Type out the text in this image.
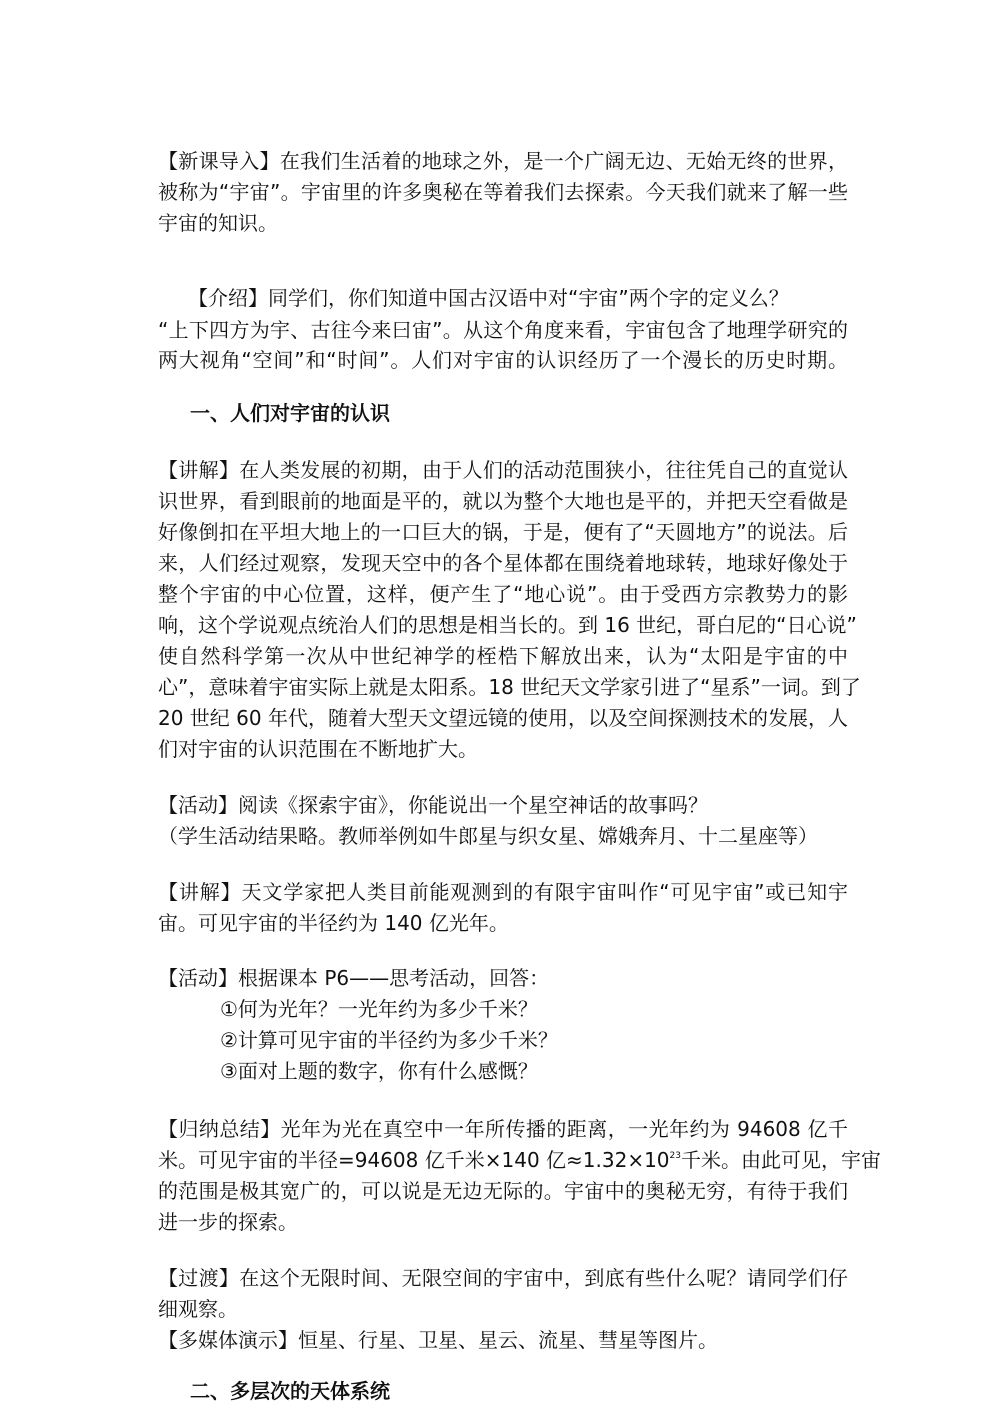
【新课导入】在我们生活着的地球之外，是一个广阔无边、无始无终的世界，
被称为“宇宙”。宇宙里的许多奥秘在等着我们去探索。今天我们就来了解一些
宇宙的知识。
【介绍】同学们，你们知道中国古汉语中对“宇宙”两个字的定义么？
“上下四方为宇、古往今来曰宙”。从这个角度来看，宇宙包含了地理学研究的
两大视角“空间”和“时间”。人们对宇宙的认识经历了一个漫长的历史时期。
一、人们对宇宙的认识
【讲解】在人类发展的初期，由于人们的活动范围狭小，往往凭自己的直觉认
识世界，看到眼前的地面是平的，就以为整个大地也是平的，并把天空看做是
好像倒扣在平坦大地上的一口巨大的锅，于是，便有了“天圆地方”的说法。后
来，人们经过观察，发现天空中的各个星体都在围绕着地球转，地球好像处于
整个宇宙的中心位置，这样，便产生了“地心说”。由于受西方宗教势力的影
响，这个学说观点统治人们的思想是相当长的。到 16 世纪，哥白尼的“日心说”
使自然科学第一次从中世纪神学的桎梏下解放出来，认为“太阳是宇宙的中
心”，意味着宇宙实际上就是太阳系。18 世纪天文学家引进了“星系”一词。到了
20 世纪 60 年代，随着大型天文望远镜的使用，以及空间探测技术的发展，人
们对宇宙的认识范围在不断地扩大。
【活动】阅读《探索宇宙》，你能说出一个星空神话的故事吗？
（学生活动结果略。教师举例如牛郎星与织女星、嫦娥奔月、十二星座等）
【讲解】天文学家把人类目前能观测到的有限宇宙叫作“可见宇宙”或已知宇
宙。可见宇宙的半径约为 140 亿光年。
【活动】根据课本 P6——思考活动，回答：
①何为光年？一光年约为多少千米？
②计算可见宇宙的半径约为多少千米？
③面对上题的数字，你有什么感慨？
【归纳总结】光年为光在真空中一年所传播的距离，一光年约为 94608 亿千
米。可见宇宙的半径=94608 亿千米×140 亿$\approx 1.32\times 10^{23}$千米。由此可见，宇宙
的范围是极其宽广的，可以说是无边无际的。宇宙中的奥秘无穷，有待于我们
进一步的探索。
【过渡】在这个无限时间、无限空间的宇宙中，到底有些什么呢？请同学们仔
细观察。
【多媒体演示】恒星、行星、卫星、星云、流星、彗星等图片。
二、多层次的天体系统
